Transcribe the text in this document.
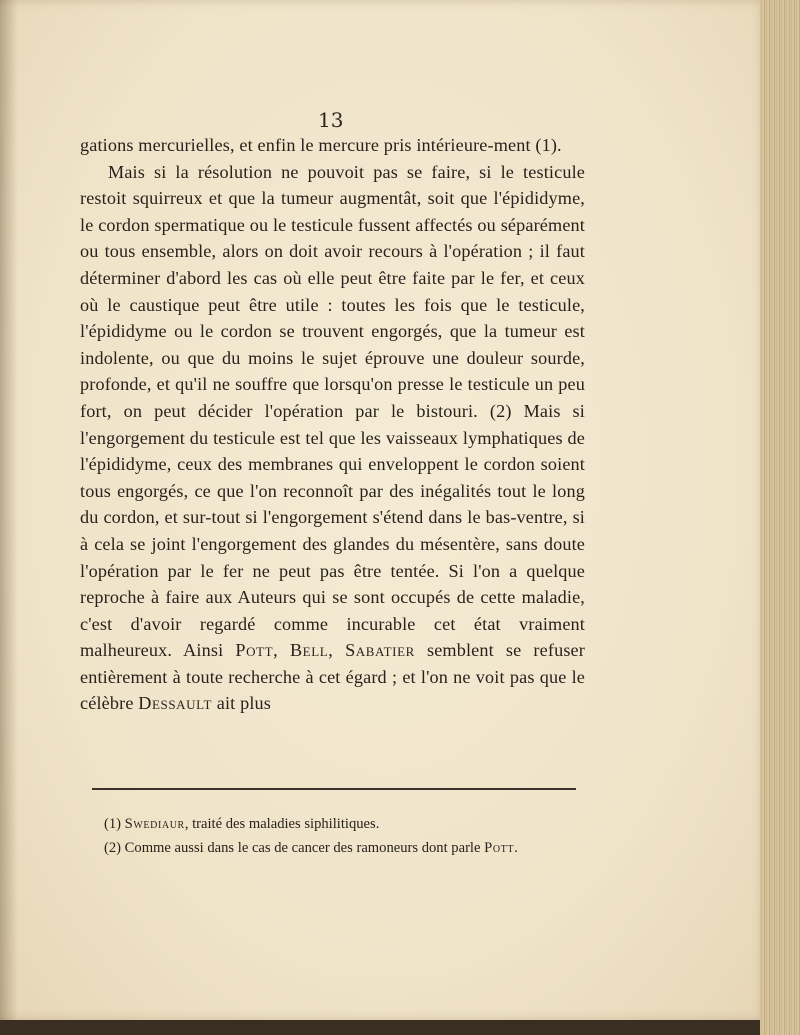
13

gations mercurielles, et enfin le mercure pris intérieure-ment (1).

Mais si la résolution ne pouvoit pas se faire, si le testicule restoit squirreux et que la tumeur augmentât, soit que l'épididyme, le cordon spermatique ou le testicule fussent affectés ou séparément ou tous ensemble, alors on doit avoir recours à l'opération ; il faut déterminer d'abord les cas où elle peut être faite par le fer, et ceux où le caustique peut être utile : toutes les fois que le testicule, l'épididyme ou le cordon se trouvent engorgés, que la tumeur est indolente, ou que du moins le sujet éprouve une douleur sourde, profonde, et qu'il ne souffre que lorsqu'on presse le testicule un peu fort, on peut décider l'opération par le bistouri. (2) Mais si l'engorgement du testicule est tel que les vaisseaux lymphatiques de l'épididyme, ceux des membranes qui enveloppent le cordon soient tous engorgés, ce que l'on reconnoît par des inégalités tout le long du cordon, et sur-tout si l'engorgement s'étend dans le bas-ventre, si à cela se joint l'engorgement des glandes du mésentère, sans doute l'opération par le fer ne peut pas être tentée. Si l'on a quelque reproche à faire aux Auteurs qui se sont occupés de cette maladie, c'est d'avoir regardé comme incurable cet état vraiment malheureux. Ainsi Pott, Bell, Sabatier semblent se refuser entièrement à toute recherche à cet égard ; et l'on ne voit pas que le célèbre Dessault ait plus

(1) Swediaur, traité des maladies siphilitiques.

(2) Comme aussi dans le cas de cancer des ramoneurs dont parle Pott.
